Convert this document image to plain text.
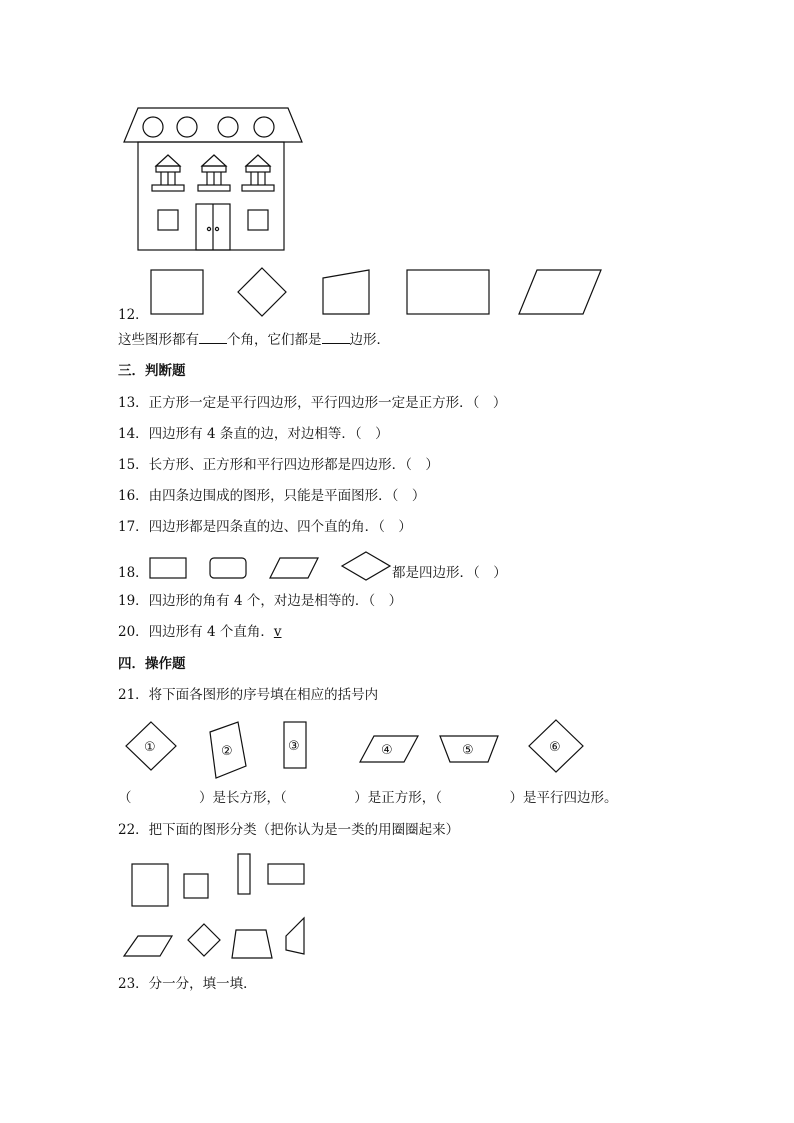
12．
这些图形都有 个角，它们都是 边形．
三．判断题
13．正方形一定是平行四边形，平行四边形一定是正方形．（　）
14．四边形有 4 条直的边，对边相等．（　）
15．长方形、正方形和平行四边形都是四边形．（　）
16．由四条边围成的图形，只能是平面图形．（　）
17．四边形都是四条直的边、四个直的角．（　）
18．	都是四边形．（　）
19．四边形的角有 4 个，对边是相等的．（　）
20．四边形有 4 个直角．v
四．操作题
21．将下面各图形的序号填在相应的括号内
①	②	③	④	⑤	⑥
（　　　　　）是长方形，（　　　　　）是正方形，（　　　　　）是平行四边形。
22．把下面的图形分类（把你认为是一类的用圈圈起来）
23．分一分，填一填．
